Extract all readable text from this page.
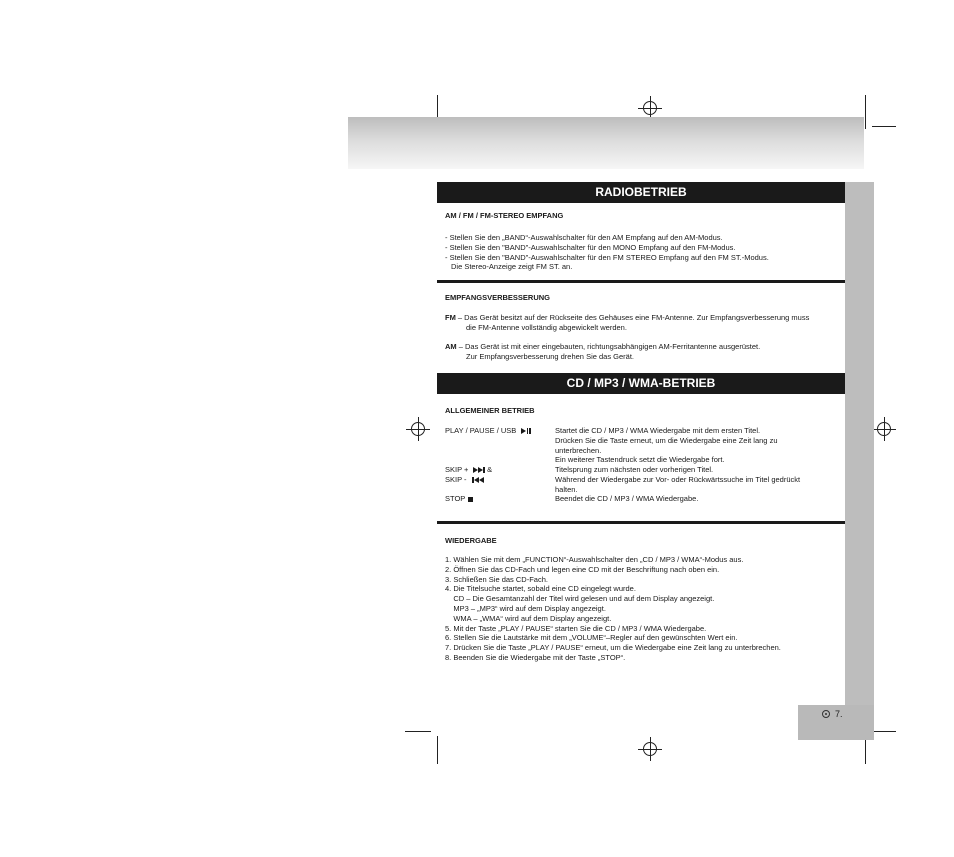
7.
RADIOBETRIEB
AM / FM / FM-STEREO EMPFANG

- Stellen Sie den „BAND“-Auswahlschalter für den AM Empfang auf den AM-Modus.

- Stellen Sie den "BAND"-Auswahlschalter für den MONO Empfang auf den FM-Modus.

- Stellen Sie den "BAND"-Auswahlschalter für den FM STEREO Empfang auf den FM ST.-Modus.

Die Stereo-Anzeige zeigt FM ST. an.

EMPFANGSVERBESSERUNG

FM – Das Gerät besitzt auf der Rückseite des Gehäuses eine FM-Antenne. Zur Empfangsverbesserung muss

die FM-Antenne vollständig abgewickelt werden.

AM – Das Gerät ist mit einer eingebauten, richtungsabhängigen AM-Ferritantenne ausgerüstet.

Zur Empfangsverbesserung drehen Sie das Gerät.

CD / MP3 / WMA-BETRIEB
ALLGEMEINER BETRIEB
PLAY / PAUSE / USB	Startet die CD / MP3 / WMA Wiedergabe mit dem ersten Titel.

Drücken Sie die Taste erneut, um die Wiedergabe eine Zeit lang zu

unterbrechen.

Ein weiterer Tastendruck setzt die Wiedergabe fort.

SKIP + &	Titelsprung zum nächsten oder vorherigen Titel.
SKIP -	Während der Wiedergabe zur Vor- oder Rückwärtssuche im Titel gedrückt

halten.

STOP	Beendet die CD / MP3 / WMA Wiedergabe.
WIEDERGABE

1. Wählen Sie mit dem „FUNCTION“-Auswahlschalter den „CD / MP3 / WMA“-Modus aus.

2. Öffnen Sie das CD-Fach und legen eine CD mit der Beschriftung nach oben ein.

3. Schließen Sie das CD-Fach.

4. Die Titelsuche startet, sobald eine CD eingelegt wurde.

CD – Die Gesamtanzahl der Titel wird gelesen und auf dem Display angezeigt.

MP3 – „MP3“ wird auf dem Display angezeigt.

WMA – „WMA“ wird auf dem Display angezeigt.

5. Mit der Taste „PLAY / PAUSE“ starten Sie die CD / MP3 / WMA Wiedergabe.

6. Stellen Sie die Lautstärke mit dem „VOLUME“–Regler auf den gewünschten Wert ein.

7. Drücken Sie die Taste „PLAY / PAUSE“ erneut, um die Wiedergabe eine Zeit lang zu unterbrechen.

8. Beenden Sie die Wiedergabe mit der Taste „STOP“.
